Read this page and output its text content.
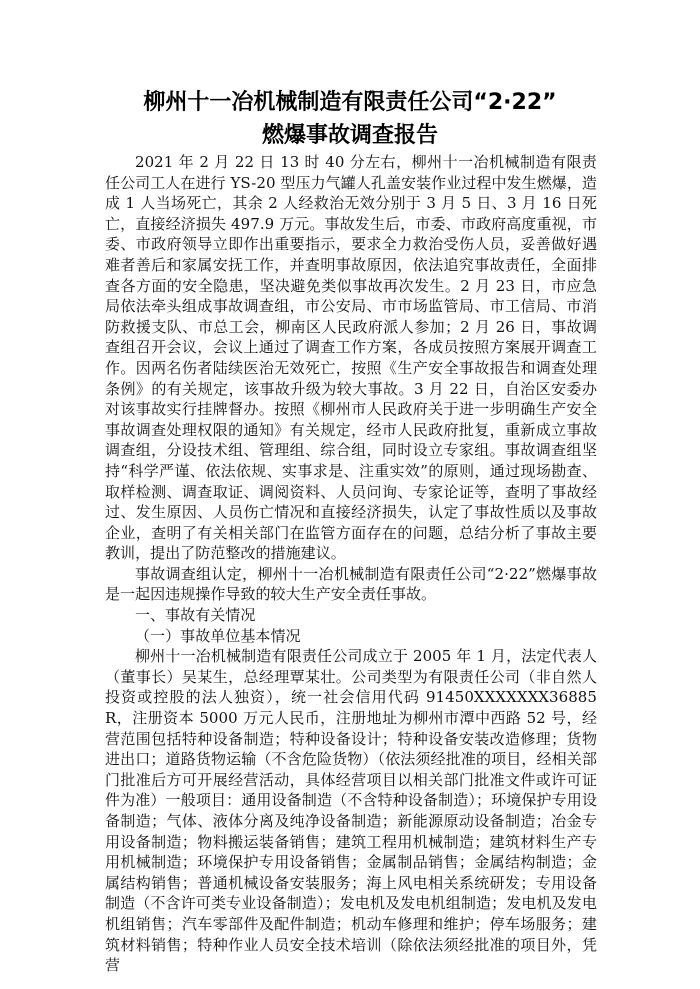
柳州十一冶机械制造有限责任公司“2·22”
燃爆事故调查报告

2021 年 2 月 22 日 13 时 40 分左右，柳州十一冶机械制造有限责任公司工人在进行 YS-20 型压力气罐人孔盖安装作业过程中发生燃爆，造成 1 人当场死亡，其余 2 人经救治无效分别于 3 月 5 日、3 月 16 日死亡，直接经济损失 497.9 万元。事故发生后，市委、市政府高度重视，市委、市政府领导立即作出重要指示，要求全力救治受伤人员，妥善做好遇难者善后和家属安抚工作，并查明事故原因，依法追究事故责任，全面排查各方面的安全隐患，坚决避免类似事故再次发生。2 月 23 日，市应急局依法牵头组成事故调查组，市公安局、市市场监管局、市工信局、市消防救援支队、市总工会，柳南区人民政府派人参加；2 月 26 日，事故调查组召开会议，会议上通过了调查工作方案，各成员按照方案展开调查工作。因两名伤者陆续医治无效死亡，按照《生产安全事故报告和调查处理条例》的有关规定，该事故升级为较大事故。3 月 22 日，自治区安委办对该事故实行挂牌督办。按照《柳州市人民政府关于进一步明确生产安全事故调查处理权限的通知》有关规定，经市人民政府批复，重新成立事故调查组，分设技术组、管理组、综合组，同时设立专家组。事故调查组坚持“科学严谨、依法依规、实事求是、注重实效”的原则，通过现场勘查、取样检测、调查取证、调阅资料、人员问询、专家论证等，查明了事故经过、发生原因、人员伤亡情况和直接经济损失，认定了事故性质以及事故企业，查明了有关相关部门在监管方面存在的问题，总结分析了事故主要教训，提出了防范整改的措施建议。

事故调查组认定，柳州十一冶机械制造有限责任公司“2·22”燃爆事故是一起因违规操作导致的较大生产安全责任事故。

一、事故有关情况

（一）事故单位基本情况

柳州十一冶机械制造有限责任公司成立于 2005 年 1 月，法定代表人（董事长）吴某生，总经理覃某壮。公司类型为有限责任公司（非自然人投资或控股的法人独资），统一社会信用代码 91450XXXXXXX36885R，注册资本 5000 万元人民币，注册地址为柳州市潭中西路 52 号，经营范围包括特种设备制造；特种设备设计；特种设备安装改造修理；货物进出口；道路货物运输（不含危险货物）（依法须经批准的项目，经相关部门批准后方可开展经营活动，具体经营项目以相关部门批准文件或许可证件为准）一般项目：通用设备制造（不含特种设备制造）；环境保护专用设备制造；气体、液体分离及纯净设备制造；新能源原动设备制造；冶金专用设备制造；物料搬运装备销售；建筑工程用机械制造；建筑材料生产专用机械制造；环境保护专用设备销售；金属制品销售；金属结构制造；金属结构销售；普通机械设备安装服务；海上风电相关系统研发；专用设备制造（不含许可类专业设备制造）；发电机及发电机组制造；发电机及发电机组销售；汽车零部件及配件制造；机动车修理和维护；停车场服务；建筑材料销售；特种作业人员安全技术培训（除依法须经批准的项目外，凭营
